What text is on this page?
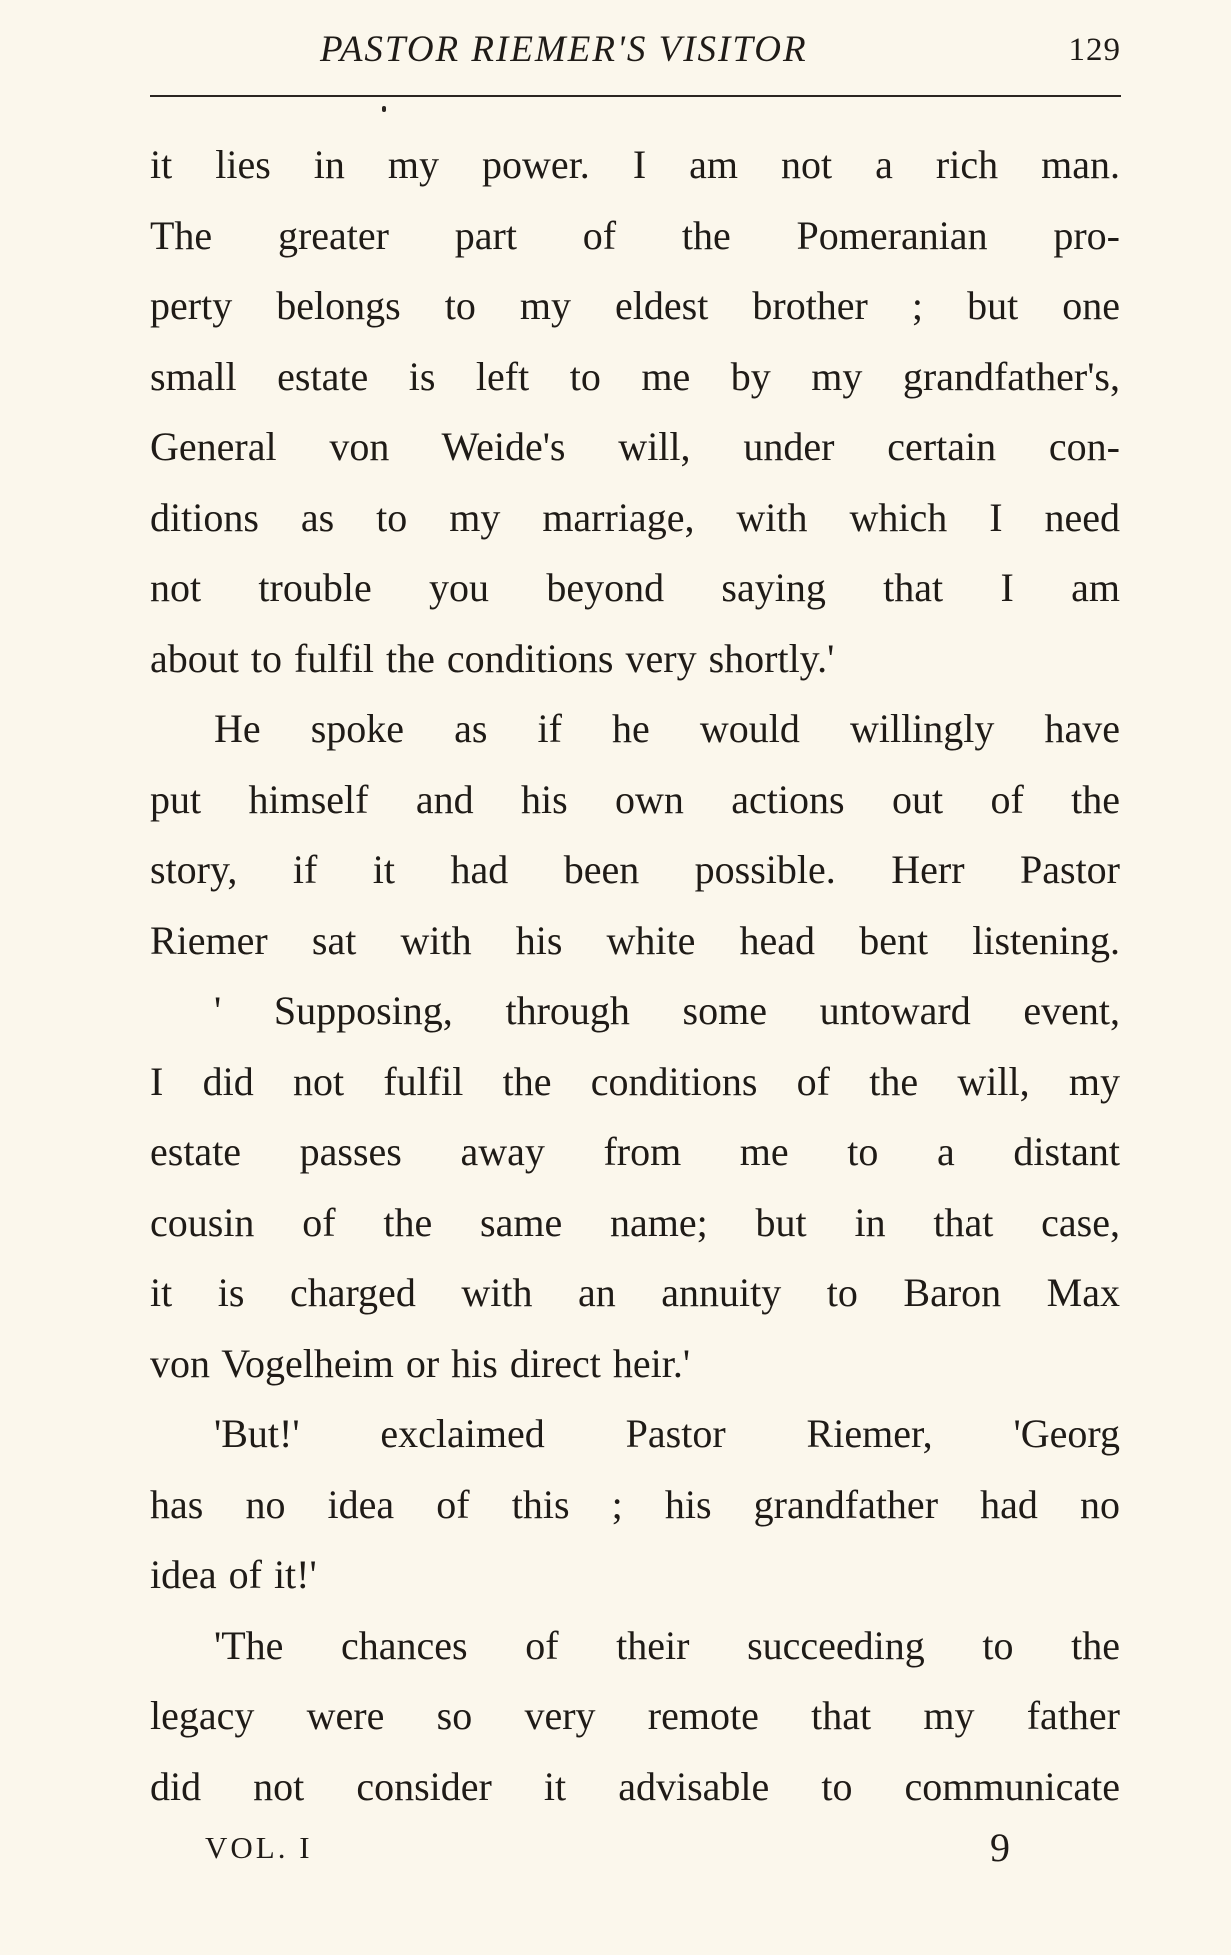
PASTOR RIEMER'S VISITOR	129
it lies in my power. I am not a rich man.
The greater part of the Pomeranian pro-
perty belongs to my eldest brother ; but one
small estate is left to me by my grandfather's,
General von Weide's will, under certain con-
ditions as to my marriage, with which I need
not trouble you beyond saying that I am
about to fulfil the conditions very shortly.'
He spoke as if he would willingly have
put himself and his own actions out of the
story, if it had been possible. Herr Pastor
Riemer sat with his white head bent listening.
' Supposing, through some untoward event,
I did not fulfil the conditions of the will, my
estate passes away from me to a distant
cousin of the same name; but in that case,
it is charged with an annuity to Baron Max
von Vogelheim or his direct heir.'
'But!' exclaimed Pastor Riemer, 'Georg
has no idea of this ; his grandfather had no
idea of it!'
'The chances of their succeeding to the
legacy were so very remote that my father
did not consider it advisable to communicate
VOL. I	9
